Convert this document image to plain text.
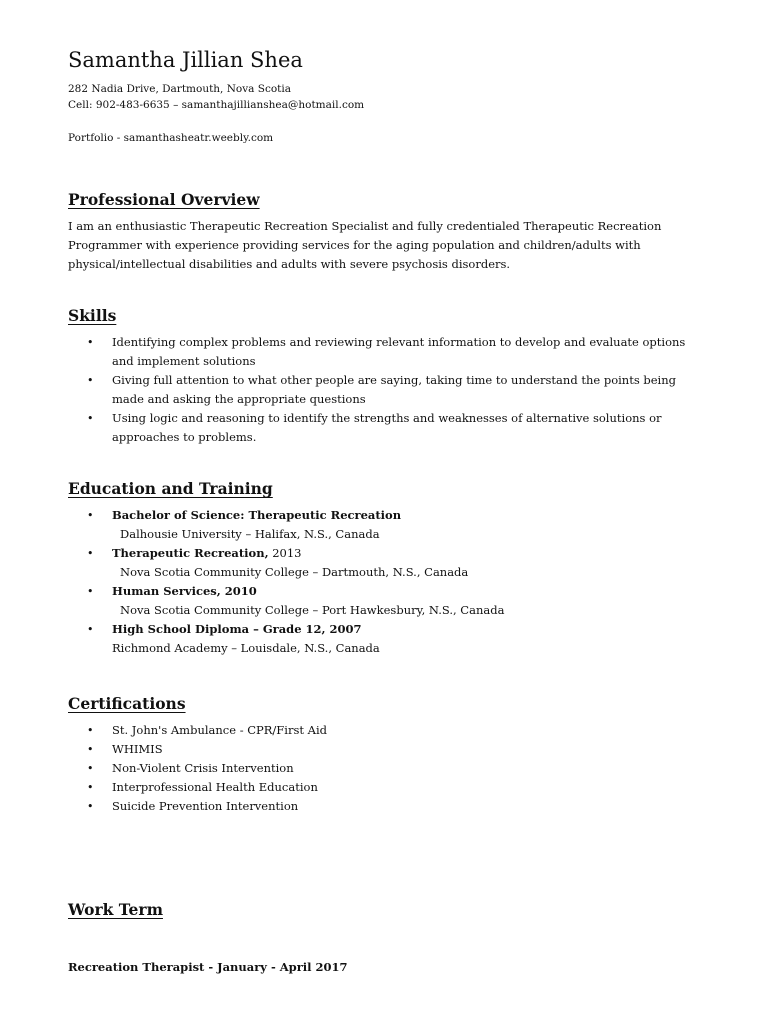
Samantha Jillian Shea

282 Nadia Drive, Dartmouth, Nova Scotia

Cell: 902-483-6635 – samanthajillianshea@hotmail.com

Portfolio - samanthasheatr.weebly.com

Professional Overview

I am an enthusiastic Therapeutic Recreation Specialist and fully credentialed Therapeutic Recreation Programmer with experience providing services for the aging population and children/adults with physical/intellectual disabilities and adults with severe psychosis disorders.

Skills
• Identifying complex problems and reviewing relevant information to develop and evaluate options and implement solutions
• Giving full attention to what other people are saying, taking time to understand the points being made and asking the appropriate questions
• Using logic and reasoning to identify the strengths and weaknesses of alternative solutions or approaches to problems.
Education and Training
• Bachelor of Science: Therapeutic Recreation
Dalhousie University – Halifax, N.S., Canada
• Therapeutic Recreation, 2013
Nova Scotia Community College – Dartmouth, N.S., Canada
• Human Services, 2010
Nova Scotia Community College – Port Hawkesbury, N.S., Canada
• High School Diploma – Grade 12, 2007
Richmond Academy – Louisdale, N.S., Canada
Certifications
• St. John's Ambulance - CPR/First Aid
• WHIMIS
• Non-Violent Crisis Intervention
• Interprofessional Health Education
• Suicide Prevention Intervention
Work Term

Recreation Therapist - January - April 2017
